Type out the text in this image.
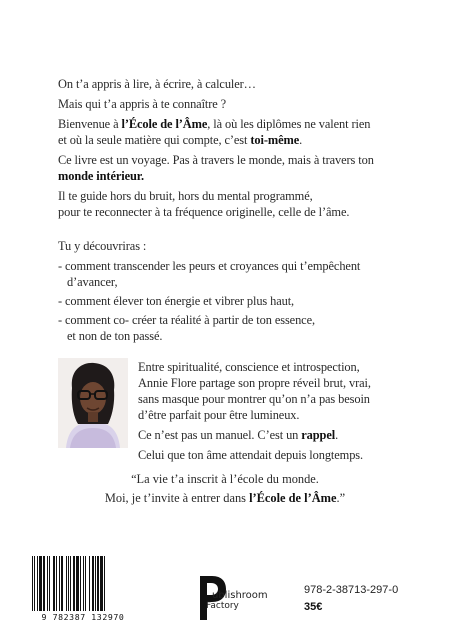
On t’a appris à lire, à écrire, à calculer…
Mais qui t’a appris à te connaître ?
Bienvenue à l’École de l’Âme, là où les diplômes ne valent rien
et où la seule matière qui compte, c’est toi-même.
Ce livre est un voyage. Pas à travers le monde, mais à travers ton
monde intérieur.
Il te guide hors du bruit, hors du mental programmé,
pour te reconnecter à ta fréquence originelle, celle de l’âme.
Tu y découvriras :
- comment transcender les peurs et croyances qui t’empêchent
d’avancer,
- comment élever ton énergie et vibrer plus haut,
- comment co- créer ta réalité à partir de ton essence,
et non de ton passé.
Entre spiritualité, conscience et introspection,
Annie Flore partage son propre réveil brut, vrai,
sans masque pour montrer qu’on n’a pas besoin
d’être parfait pour être lumineux.
Ce n’est pas un manuel. C’est un rappel.
Celui que ton âme attendait depuis longtemps.
“La vie t’a inscrit à l’école du monde.
Moi, je t’invite à entrer dans l’École de l’Âme.”
9 782387 132970
ublishroom
Factory
978-2-38713-297-0
35€
